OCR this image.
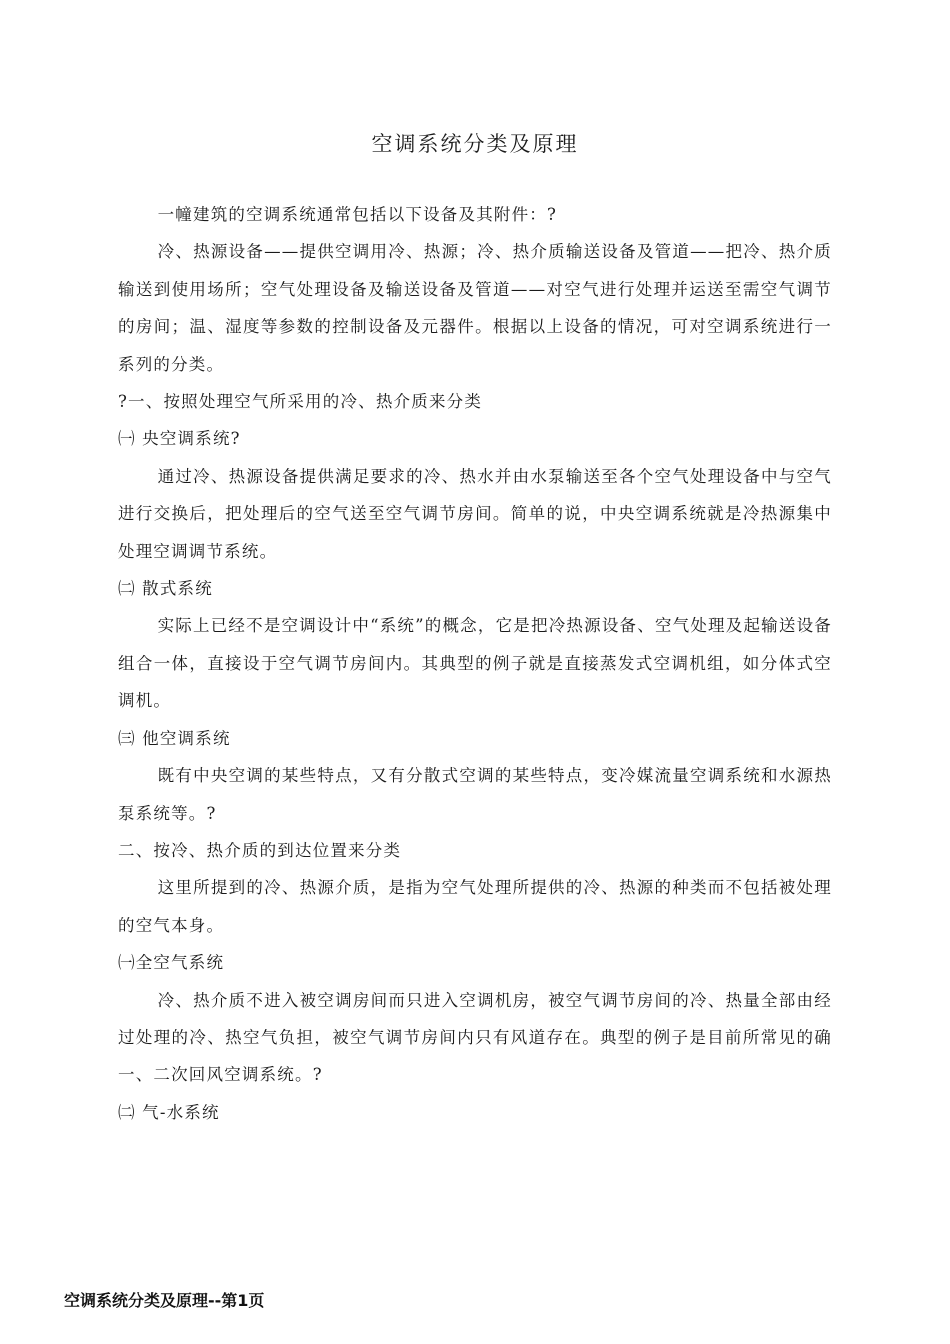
空调系统分类及原理

一幢建筑的空调系统通常包括以下设备及其附件：?

冷、热源设备——提供空调用冷、热源；冷、热介质输送设备及管道——把冷、热介质输送到使用场所；空气处理设备及输送设备及管道——对空气进行处理并运送至需空气调节的房间；温、湿度等参数的控制设备及元器件。根据以上设备的情况，可对空调系统进行一系列的分类。

?一、按照处理空气所采用的冷、热介质来分类

㈠ 央空调系统?

通过冷、热源设备提供满足要求的冷、热水并由水泵输送至各个空气处理设备中与空气进行交换后，把处理后的空气送至空气调节房间。简单的说，中央空调系统就是冷热源集中处理空调调节系统。

㈡ 散式系统

实际上已经不是空调设计中“系统”的概念，它是把冷热源设备、空气处理及起输送设备组合一体，直接设于空气调节房间内。其典型的例子就是直接蒸发式空调机组，如分体式空调机。

㈢ 他空调系统

既有中央空调的某些特点，又有分散式空调的某些特点，变冷媒流量空调系统和水源热泵系统等。?

二、按冷、热介质的到达位置来分类

这里所提到的冷、热源介质，是指为空气处理所提供的冷、热源的种类而不包括被处理的空气本身。

㈠全空气系统

冷、热介质不进入被空调房间而只进入空调机房，被空气调节房间的冷、热量全部由经过处理的冷、热空气负担，被空气调节房间内只有风道存在。典型的例子是目前所常见的确一、二次回风空调系统。?

㈡ 气-水系统

空调系统分类及原理--第1页
